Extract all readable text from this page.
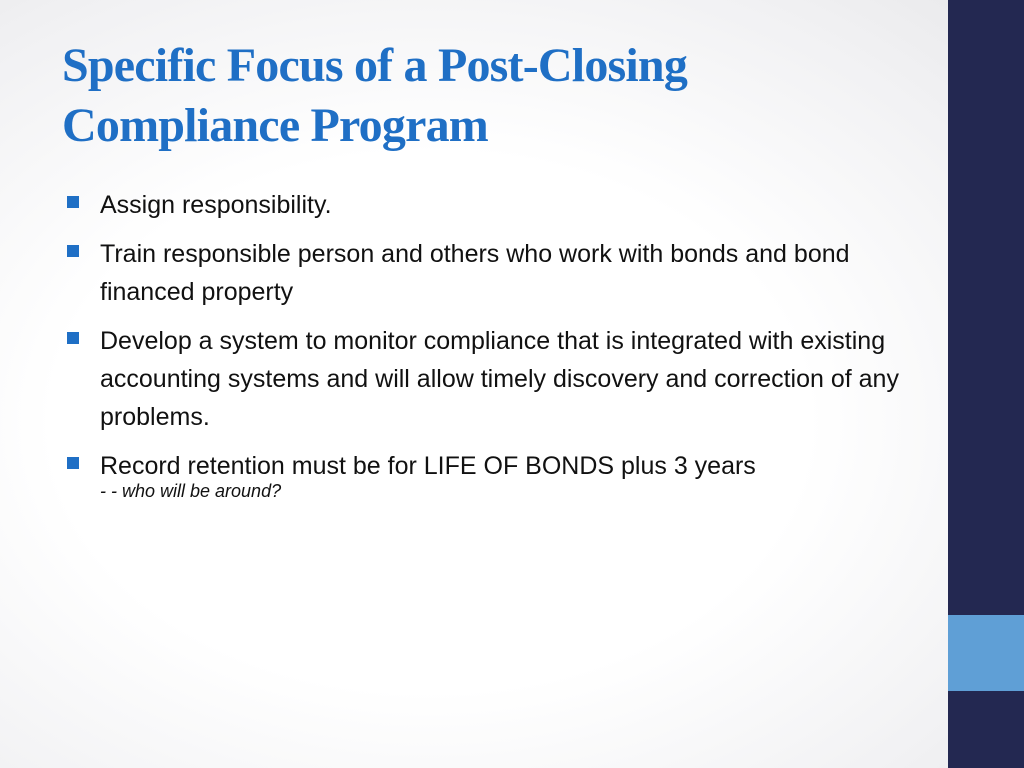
Specific Focus of a Post-Closing
Compliance Program
Assign responsibility.
Train responsible person and others who work with bonds and bond financed property
Develop a system to monitor compliance that is integrated with existing accounting systems and will allow timely discovery and correction of any problems.
Record retention must be for LIFE OF BONDS plus 3 years
- - who will be around?
